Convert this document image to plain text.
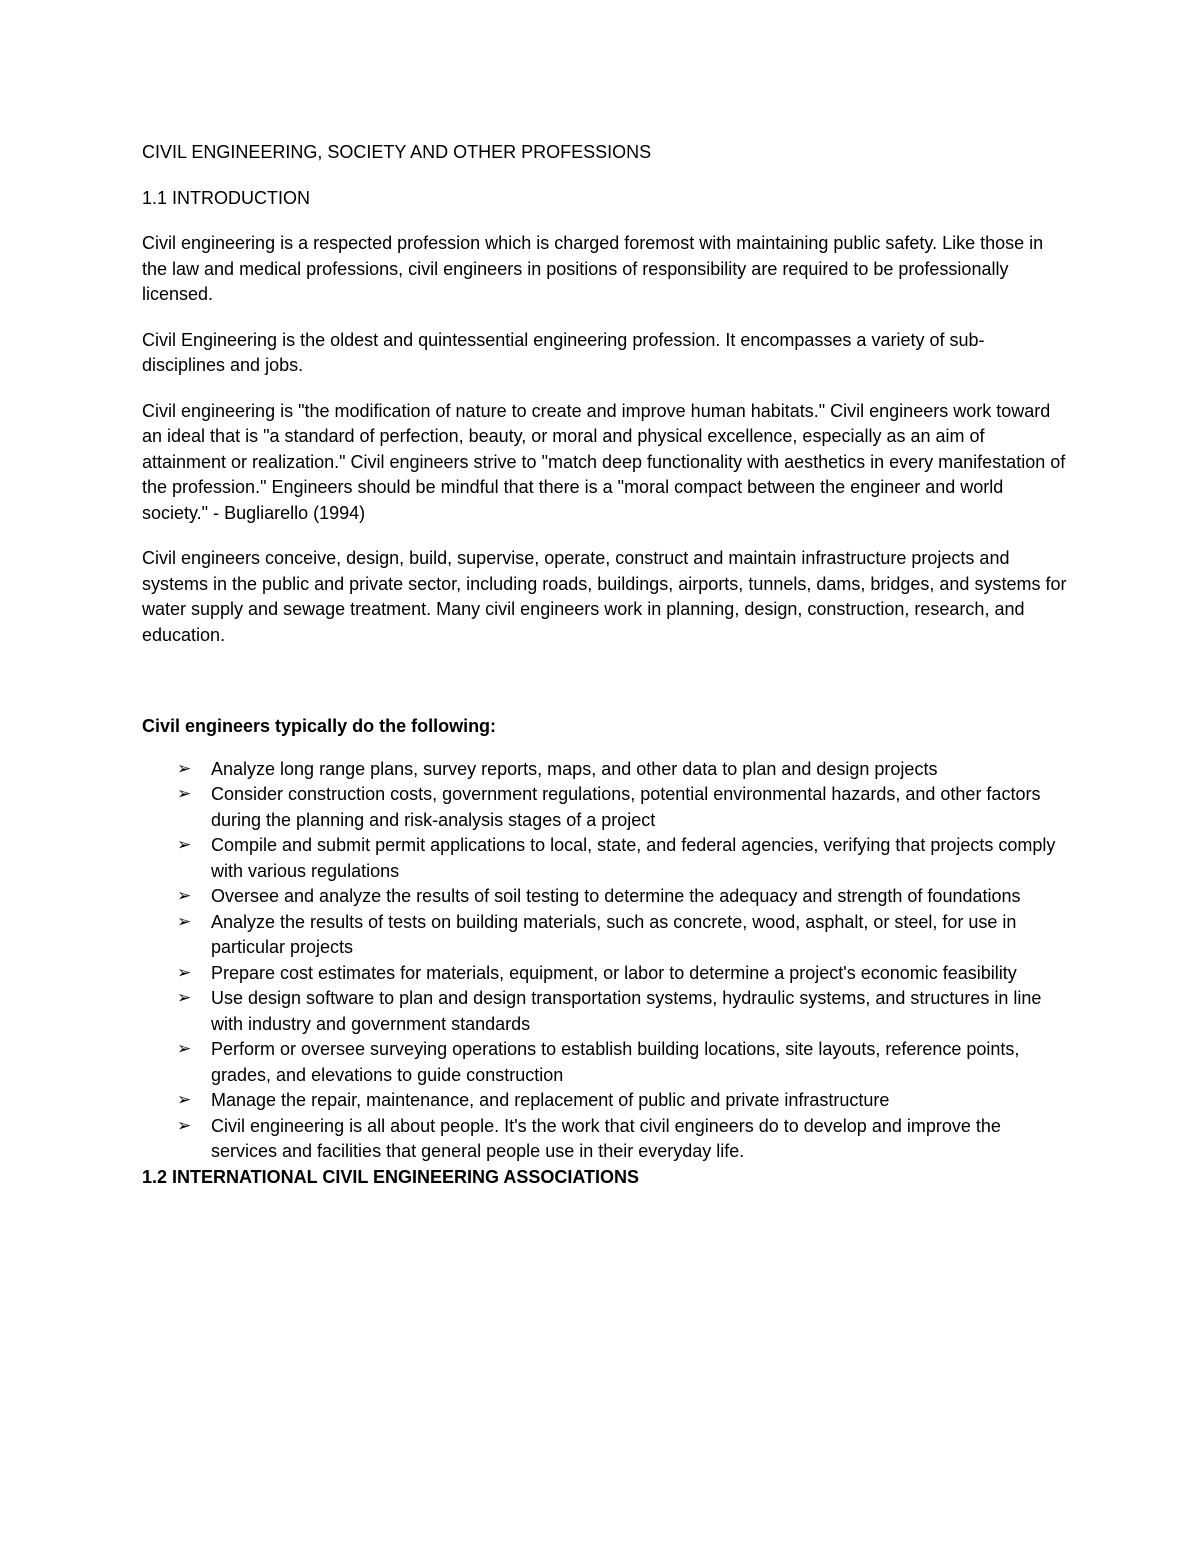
CIVIL ENGINEERING, SOCIETY AND OTHER PROFESSIONS

1.1 INTRODUCTION

Civil engineering is a respected profession which is charged foremost with maintaining public safety. Like those in the law and medical professions, civil engineers in positions of responsibility are required to be professionally licensed.

Civil Engineering is the oldest and quintessential engineering profession. It encompasses a variety of sub-disciplines and jobs.

Civil engineering is "the modification of nature to create and improve human habitats." Civil engineers work toward an ideal that is "a standard of perfection, beauty, or moral and physical excellence, especially as an aim of attainment or realization." Civil engineers strive to "match deep functionality with aesthetics in every manifestation of the profession." Engineers should be mindful that there is a "moral compact between the engineer and world society." - Bugliarello (1994)

Civil engineers conceive, design, build, supervise, operate, construct and maintain infrastructure projects and systems in the public and private sector, including roads, buildings, airports, tunnels, dams, bridges, and systems for water supply and sewage treatment. Many civil engineers work in planning, design, construction, research, and education.

Civil engineers typically do the following:

➢ Analyze long range plans, survey reports, maps, and other data to plan and design projects
➢ Consider construction costs, government regulations, potential environmental hazards, and other factors during the planning and risk-analysis stages of a project
➢ Compile and submit permit applications to local, state, and federal agencies, verifying that projects comply with various regulations
➢ Oversee and analyze the results of soil testing to determine the adequacy and strength of foundations
➢ Analyze the results of tests on building materials, such as concrete, wood, asphalt, or steel, for use in particular projects
➢ Prepare cost estimates for materials, equipment, or labor to determine a project's economic feasibility
➢ Use design software to plan and design transportation systems, hydraulic systems, and structures in line with industry and government standards
➢ Perform or oversee surveying operations to establish building locations, site layouts, reference points, grades, and elevations to guide construction
➢ Manage the repair, maintenance, and replacement of public and private infrastructure
➢ Civil engineering is all about people. It's the work that civil engineers do to develop and improve the services and facilities that general people use in their everyday life.

1.2 INTERNATIONAL CIVIL ENGINEERING ASSOCIATIONS
